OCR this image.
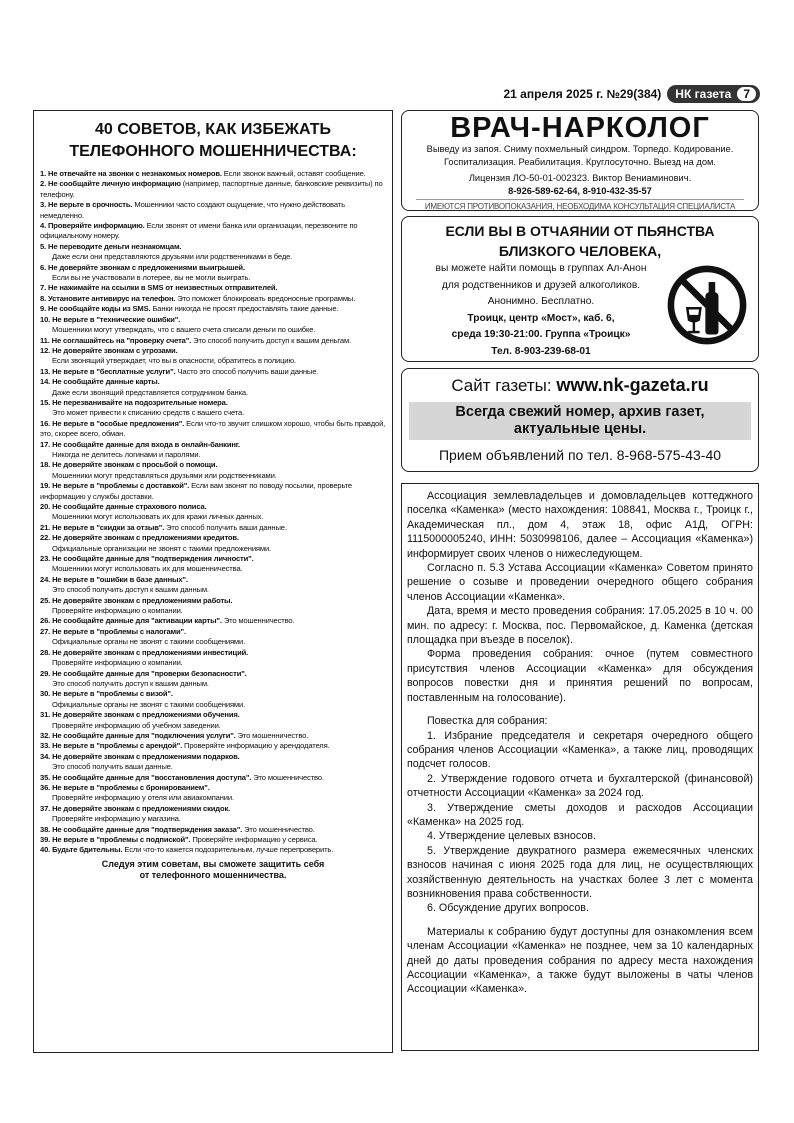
21 апреля 2025 г. №29(384) НК газета	7
40 СОВЕТОВ, КАК ИЗБЕЖАТЬ
ТЕЛЕФОННОГО МОШЕННИЧЕСТВА:
1. Не отвечайте на звонки с незнакомых номеров. Если звонок важный, оставят сообщение.
2. Не сообщайте личную информацию (например, паспортные данные, банковские реквизиты) по телефону.
3. Не верьте в срочность. Мошенники часто создают ощущение, что нужно действовать немедленно.
4. Проверяйте информацию. Если звонят от имени банка или организации, перезвоните по официальному номеру.
5. Не переводите деньги незнакомцам.
Даже если они представляются друзьями или родственниками в беде.
6. Не доверяйте звонкам с предложениями выигрышей.
Если вы не участвовали в лотерее, вы не могли выиграть.
7. Не нажимайте на ссылки в SMS от неизвестных отправителей.
8. Установите антивирус на телефон. Это поможет блокировать вредоносные программы.
9. Не сообщайте коды из SMS. Банки никогда не просят предоставлять такие данные.
10. Не верьте в "технические ошибки".
Мошенники могут утверждать, что с вашего счета списали деньги по ошибке.
11. Не соглашайтесь на "проверку счета". Это способ получить доступ к вашим деньгам.
12. Не доверяйте звонкам с угрозами.
Если звонящий утверждает, что вы в опасности, обратитесь в полицию.
13. Не верьте в "бесплатные услуги". Часто это способ получить ваши данные.
14. Не сообщайте данные карты.
Даже если звонящий представляется сотрудником банка.
15. Не перезванивайте на подозрительные номера.
Это может привести к списанию средств с вашего счета.
16. Не верьте в "особые предложения". Если что-то звучит слишком хорошо, чтобы быть правдой, это, скорее всего, обман.
17. Не сообщайте данные для входа в онлайн-банкинг.
Никогда не делитесь логинами и паролями.
18. Не доверяйте звонкам с просьбой о помощи.
Мошенники могут представляться друзьями или родственниками.
19. Не верьте в "проблемы с доставкой". Если вам звонят по поводу посылки, проверьте информацию у службы доставки.
20. Не сообщайте данные страхового полиса.
Мошенники могут использовать их для кражи личных данных.
21. Не верьте в "скидки за отзыв". Это способ получить ваши данные.
22. Не доверяйте звонкам с предложениями кредитов.
Официальные организации не звонят с такими предложениями.
23. Не сообщайте данные для "подтверждения личности".
Мошенники могут использовать их для мошенничества.
24. Не верьте в "ошибки в базе данных".
Это способ получить доступ к вашим данным.
25. Не доверяйте звонкам с предложениями работы.
Проверяйте информацию о компании.
26. Не сообщайте данные для "активации карты". Это мошенничество.
27. Не верьте в "проблемы с налогами".
Официальные органы не звонят с такими сообщениями.
28. Не доверяйте звонкам с предложениями инвестиций.
Проверяйте информацию о компании.
29. Не сообщайте данные для "проверки безопасности".
Это способ получить доступ к вашим данным.
30. Не верьте в "проблемы с визой".
Официальные органы не звонят с такими сообщениями.
31. Не доверяйте звонкам с предложениями обучения.
Проверяйте информацию об учебном заведении.
32. Не сообщайте данные для "подключения услуги". Это мошенничество.
33. Не верьте в "проблемы с арендой". Проверяйте информацию у арендодателя.
34. Не доверяйте звонкам с предложениями подарков.
Это способ получить ваши данные.
35. Не сообщайте данные для "восстановления доступа". Это мошенничество.
36. Не верьте в "проблемы с бронированием".
Проверяйте информацию у отеля или авиакомпании.
37. Не доверяйте звонкам с предложениями скидок.
Проверяйте информацию у магазина.
38. Не сообщайте данные для "подтверждения заказа". Это мошенничество.
39. Не верьте в "проблемы с подпиской". Проверяйте информацию у сервиса.
40. Будьте бдительны. Если что-то кажется подозрительным, лучше перепроверить.
Следуя этим советам, вы сможете защитить себя
от телефонного мошенничества.
ВРАЧ-НАРКОЛОГ

Выведу из запоя. Сниму похмельный синдром. Торпедо. Кодирование.

Госпитализация. Реабилитация. Круглосуточно. Выезд на дом.

Лицензия ЛО-50-01-002323. Виктор Вениаминович.

8-926-589-62-64, 8-910-432-35-57

ИМЕЮТСЯ ПРОТИВОПОКАЗАНИЯ, НЕОБХОДИМА КОНСУЛЬТАЦИЯ СПЕЦИАЛИСТА

ЕСЛИ ВЫ В ОТЧАЯНИИ ОТ ПЬЯНСТВА
БЛИЗКОГО ЧЕЛОВЕКА,
вы можете найти помощь в группах Ал-Анон
для родственников и друзей алкоголиков.
Анонимно. Бесплатно.
Троицк, центр «Мост», каб. 6,
среда 19:30-21:00. Группа «Троицк»
Тел. 8-903-239-68-01
Сайт газеты: www.nk-gazeta.ru
Всегда свежий номер, архив газет,
актуальные цены.
Прием объявлений по тел. 8-968-575-43-40

Ассоциация землевладельцев и домовладельцев коттеджного поселка «Каменка» (место нахождения: 108841, Москва г., Троицк г., Академическая пл., дом 4, этаж 18, офис А1Д, ОГРН: 1115000005240, ИНН: 5030998106, далее – Ассоциация «Каменка») информирует своих членов о нижеследующем.

Согласно п. 5.3 Устава Ассоциации «Каменка» Советом принято решение о созыве и проведении очередного общего собрания членов Ассоциации «Каменка».

Дата, время и место проведения собрания: 17.05.2025 в 10 ч. 00 мин. по адресу: г. Москва, пос. Первомайское, д. Каменка (детская площадка при въезде в поселок).

Форма проведения собрания: очное (путем совместного присутствия членов Ассоциации «Каменка» для обсуждения вопросов повестки дня и принятия решений по вопросам, поставленным на голосование).

Повестка для собрания:

1. Избрание председателя и секретаря очередного общего собрания членов Ассоциации «Каменка», а также лиц, проводящих подсчет голосов.

2. Утверждение годового отчета и бухгалтерской (финансовой) отчетности Ассоциации «Каменка» за 2024 год.

3. Утверждение сметы доходов и расходов Ассоциации «Каменка» на 2025 год.

4. Утверждение целевых взносов.

5. Утверждение двукратного размера ежемесячных членских взносов начиная с июня 2025 года для лиц, не осуществляющих хозяйственную деятельность на участках более 3 лет с момента возникновения права собственности.

6. Обсуждение других вопросов.

Материалы к собранию будут доступны для ознакомления всем членам Ассоциации «Каменка» не позднее, чем за 10 календарных дней до даты проведения собрания по адресу места нахождения Ассоциации «Каменка», а также будут выложены в чаты членов Ассоциации «Каменка».
